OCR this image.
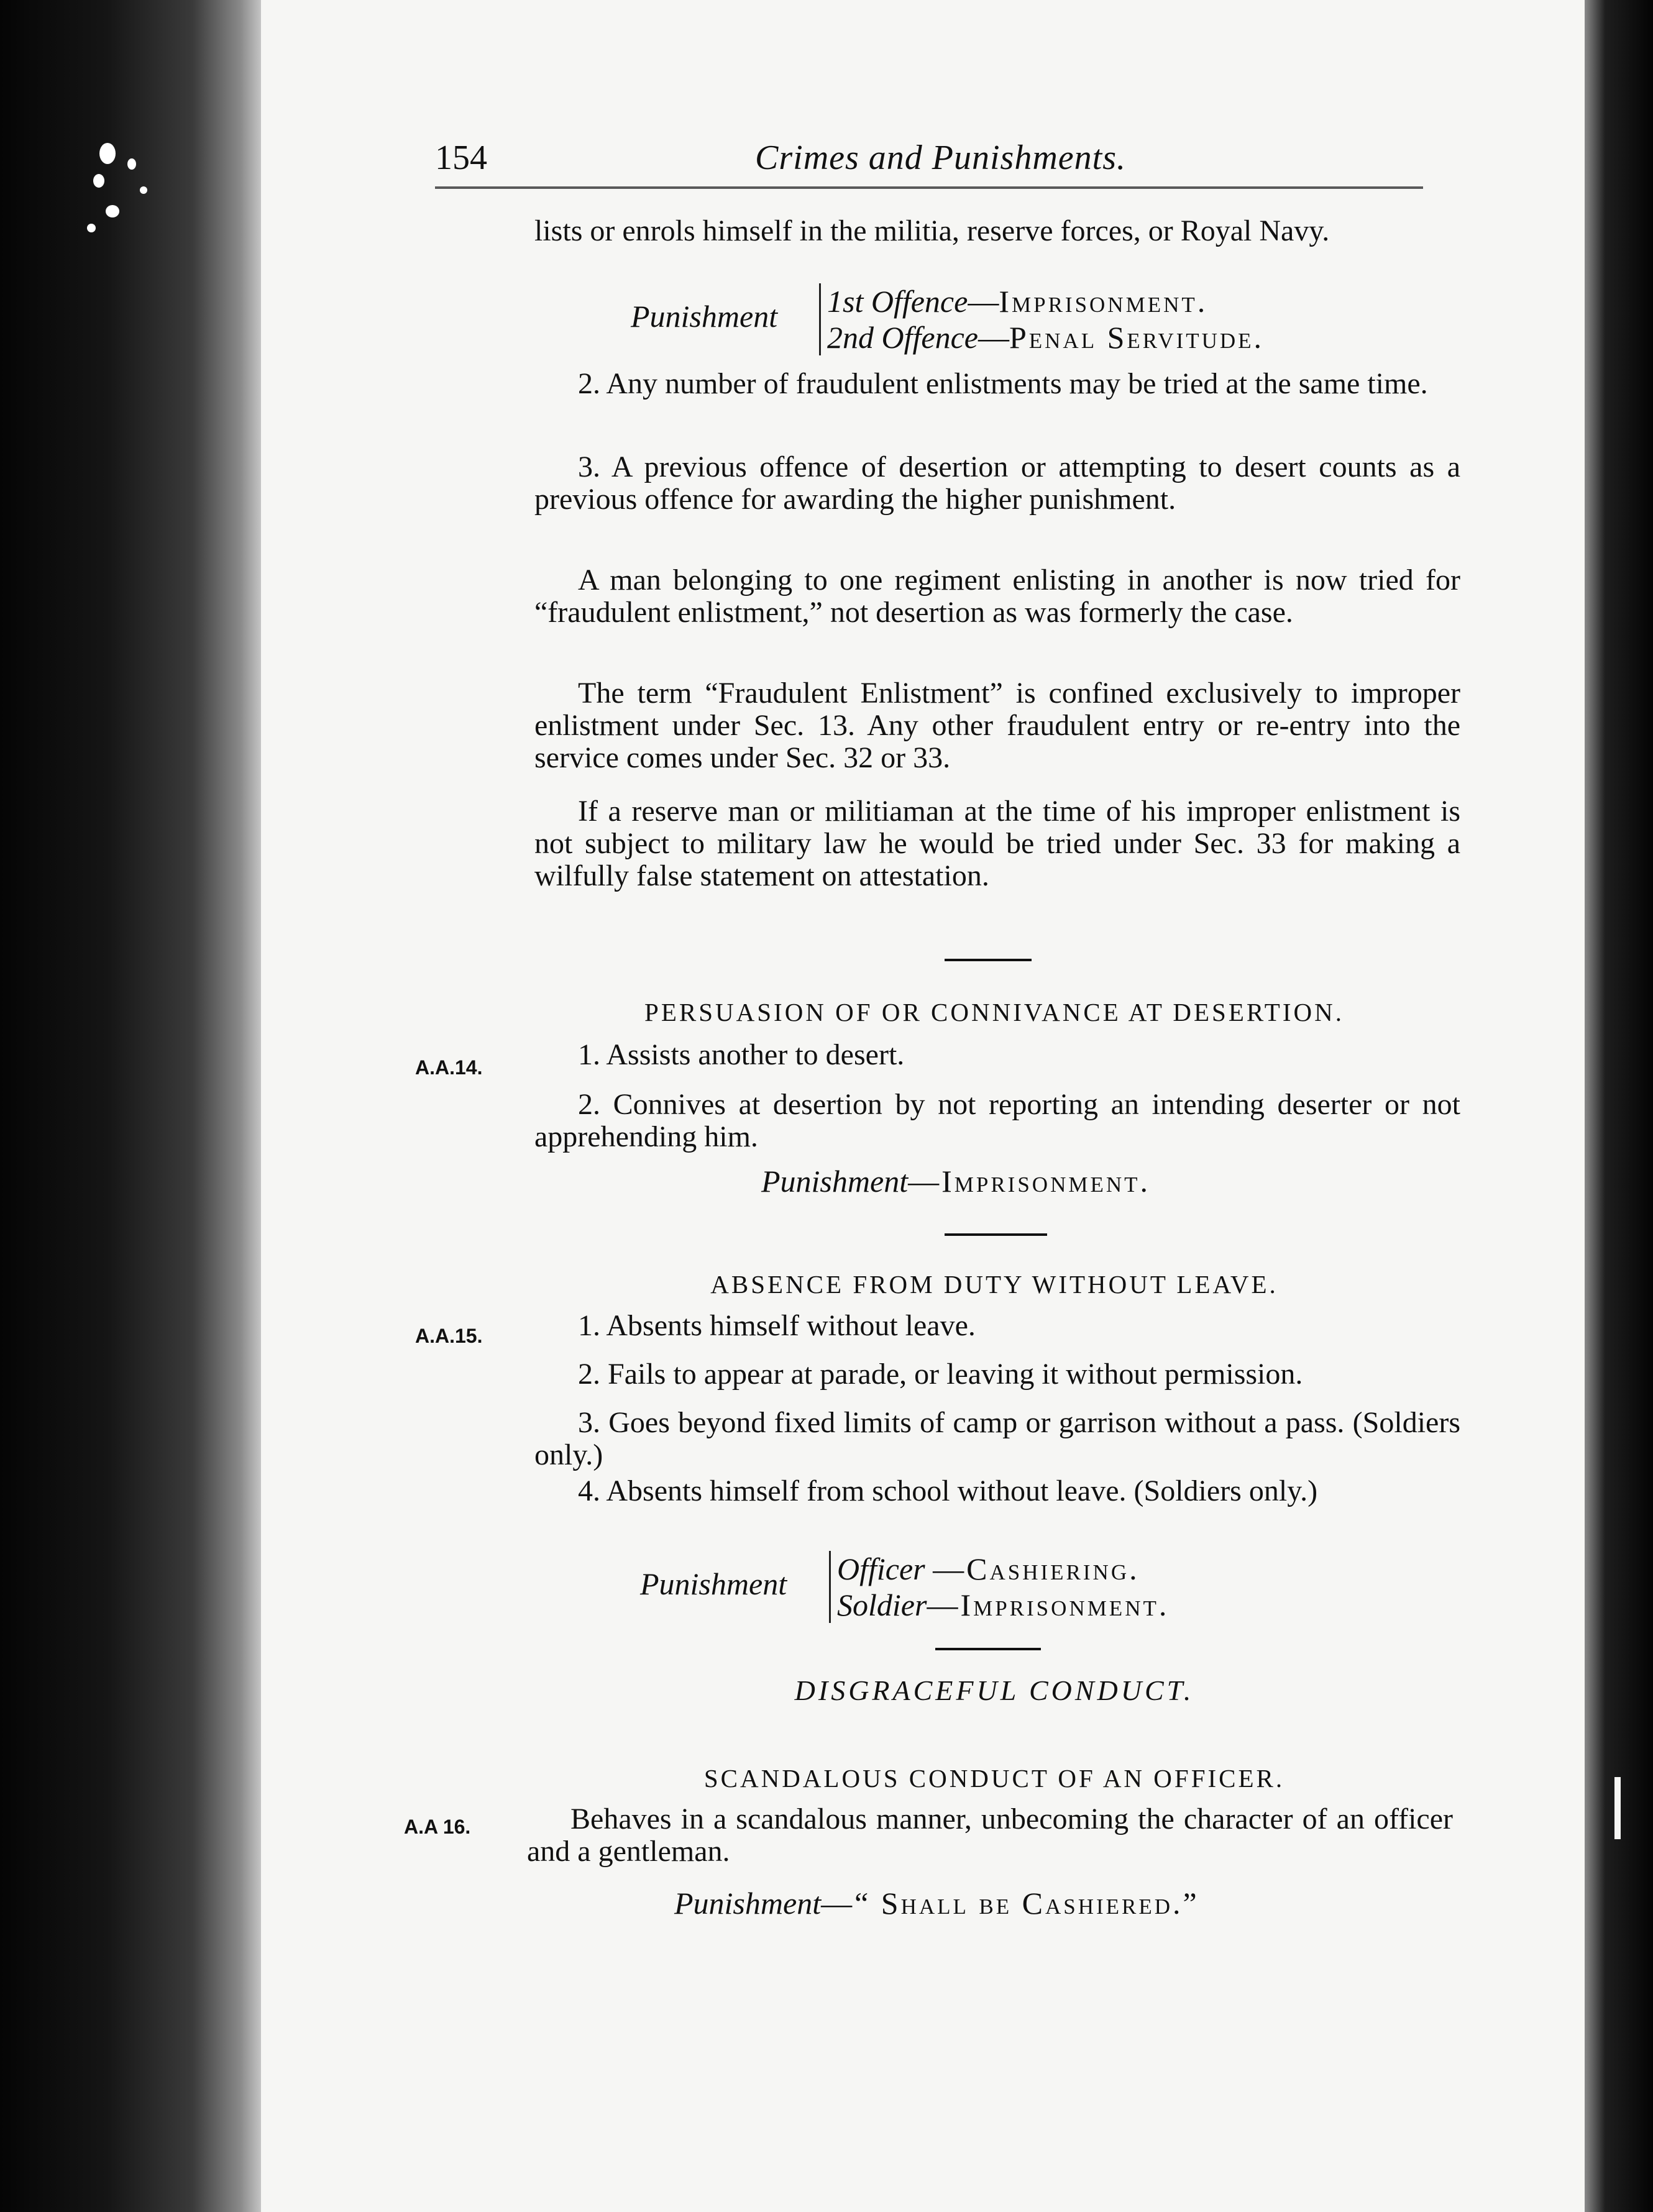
154	Crimes and Punishments.
lists or enrols himself in the militia, reserve forces, or Royal Navy.
Punishment 1st Offence—Imprisonment.
2nd Offence—Penal Servitude.
2. Any number of fraudulent enlistments may be tried at the same time.
3. A previous offence of desertion or attempting to desert counts as a previous offence for awarding the higher punishment.
A man belonging to one regiment enlisting in another is now tried for “fraudulent enlistment,” not desertion as was formerly the case.
The term “Fraudulent Enlistment” is confined exclusively to improper enlistment under Sec. 13. Any other fraudulent entry or re-entry into the service comes under Sec. 32 or 33.
If a reserve man or militiaman at the time of his improper enlistment is not subject to military law he would be tried under Sec. 33 for making a wilfully false statement on attestation.
PERSUASION OF OR CONNIVANCE AT DESERTION.
A.A.14.	1. Assists another to desert.
2. Connives at desertion by not reporting an intending deserter or not apprehending him.
Punishment—Imprisonment.
ABSENCE FROM DUTY WITHOUT LEAVE.
A.A.15.	1. Absents himself without leave.
2. Fails to appear at parade, or leaving it without permission.
3. Goes beyond fixed limits of camp or garrison without a pass. (Soldiers only.)
4. Absents himself from school without leave. (Soldiers only.)
Punishment Officer —Cashiering.
Soldier—Imprisonment.
DISGRACEFUL CONDUCT.
SCANDALOUS CONDUCT OF AN OFFICER.
A.A 16.	Behaves in a scandalous manner, unbecoming the character of an officer and a gentleman.
Punishment—“ Shall be Cashiered.”
